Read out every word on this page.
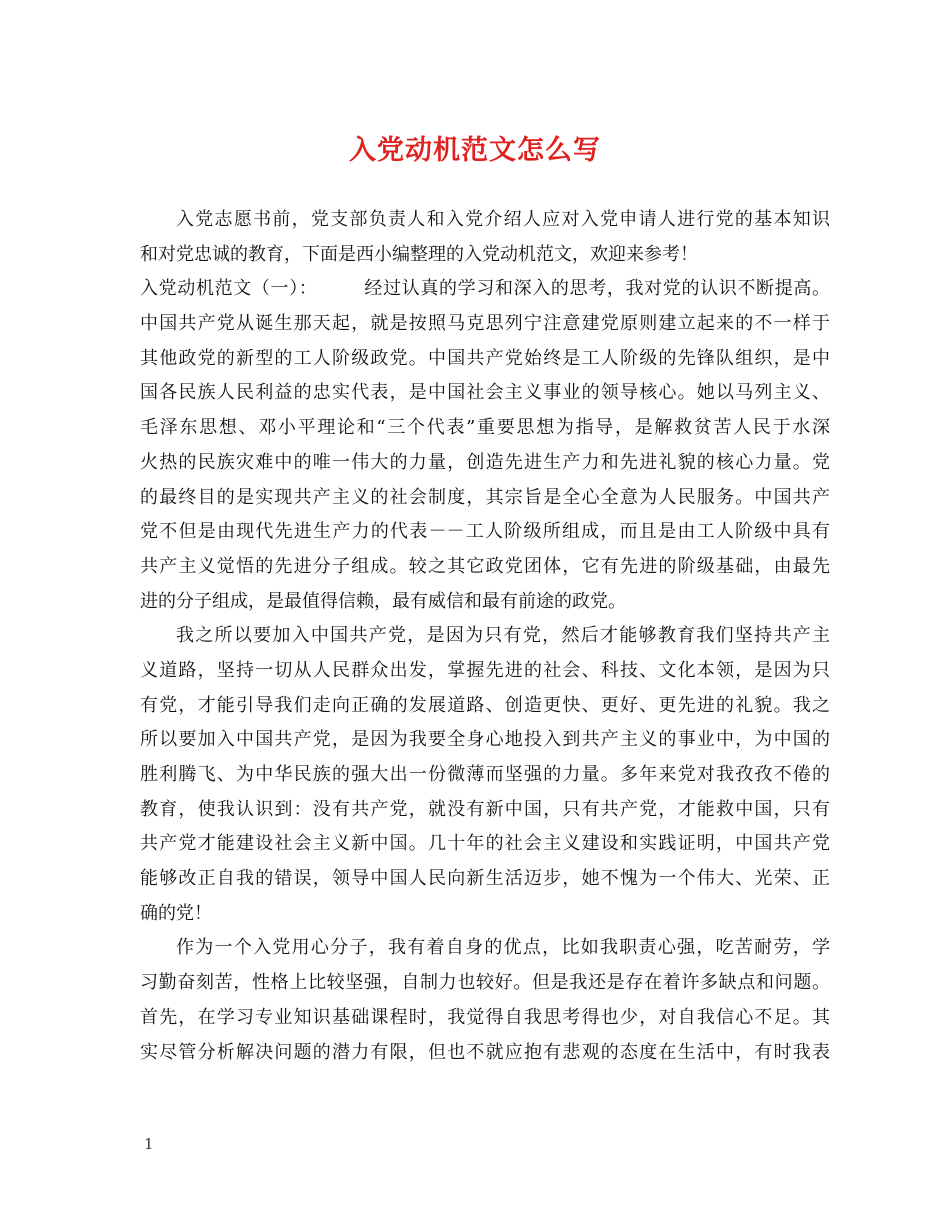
入党动机范文怎么写
入党志愿书前，党支部负责人和入党介绍人应对入党申请人进行党的基本知识
和对党忠诚的教育，下面是西小编整理的入党动机范文，欢迎来参考！
入党动机范文（一）：　　　经过认真的学习和深入的思考，我对党的认识不断提高。
中国共产党从诞生那天起，就是按照马克思列宁注意建党原则建立起来的不一样于
其他政党的新型的工人阶级政党。中国共产党始终是工人阶级的先锋队组织，是中
国各民族人民利益的忠实代表，是中国社会主义事业的领导核心。她以马列主义、
毛泽东思想、邓小平理论和“三个代表”重要思想为指导，是解救贫苦人民于水深
火热的民族灾难中的唯一伟大的力量，创造先进生产力和先进礼貌的核心力量。党
的最终目的是实现共产主义的社会制度，其宗旨是全心全意为人民服务。中国共产
党不但是由现代先进生产力的代表－－工人阶级所组成，而且是由工人阶级中具有
共产主义觉悟的先进分子组成。较之其它政党团体，它有先进的阶级基础，由最先
进的分子组成，是最值得信赖，最有威信和最有前途的政党。
我之所以要加入中国共产党，是因为只有党，然后才能够教育我们坚持共产主
义道路，坚持一切从人民群众出发，掌握先进的社会、科技、文化本领，是因为只
有党，才能引导我们走向正确的发展道路、创造更快、更好、更先进的礼貌。我之
所以要加入中国共产党，是因为我要全身心地投入到共产主义的事业中，为中国的
胜利腾飞、为中华民族的强大出一份微薄而坚强的力量。多年来党对我孜孜不倦的
教育，使我认识到：没有共产党，就没有新中国，只有共产党，才能救中国，只有
共产党才能建设社会主义新中国。几十年的社会主义建设和实践证明，中国共产党
能够改正自我的错误，领导中国人民向新生活迈步，她不愧为一个伟大、光荣、正
确的党！
作为一个入党用心分子，我有着自身的优点，比如我职责心强，吃苦耐劳，学
习勤奋刻苦，性格上比较坚强，自制力也较好。但是我还是存在着许多缺点和问题。
首先，在学习专业知识基础课程时，我觉得自我思考得也少，对自我信心不足。其
实尽管分析解决问题的潜力有限，但也不就应抱有悲观的态度在生活中，有时我表
1
